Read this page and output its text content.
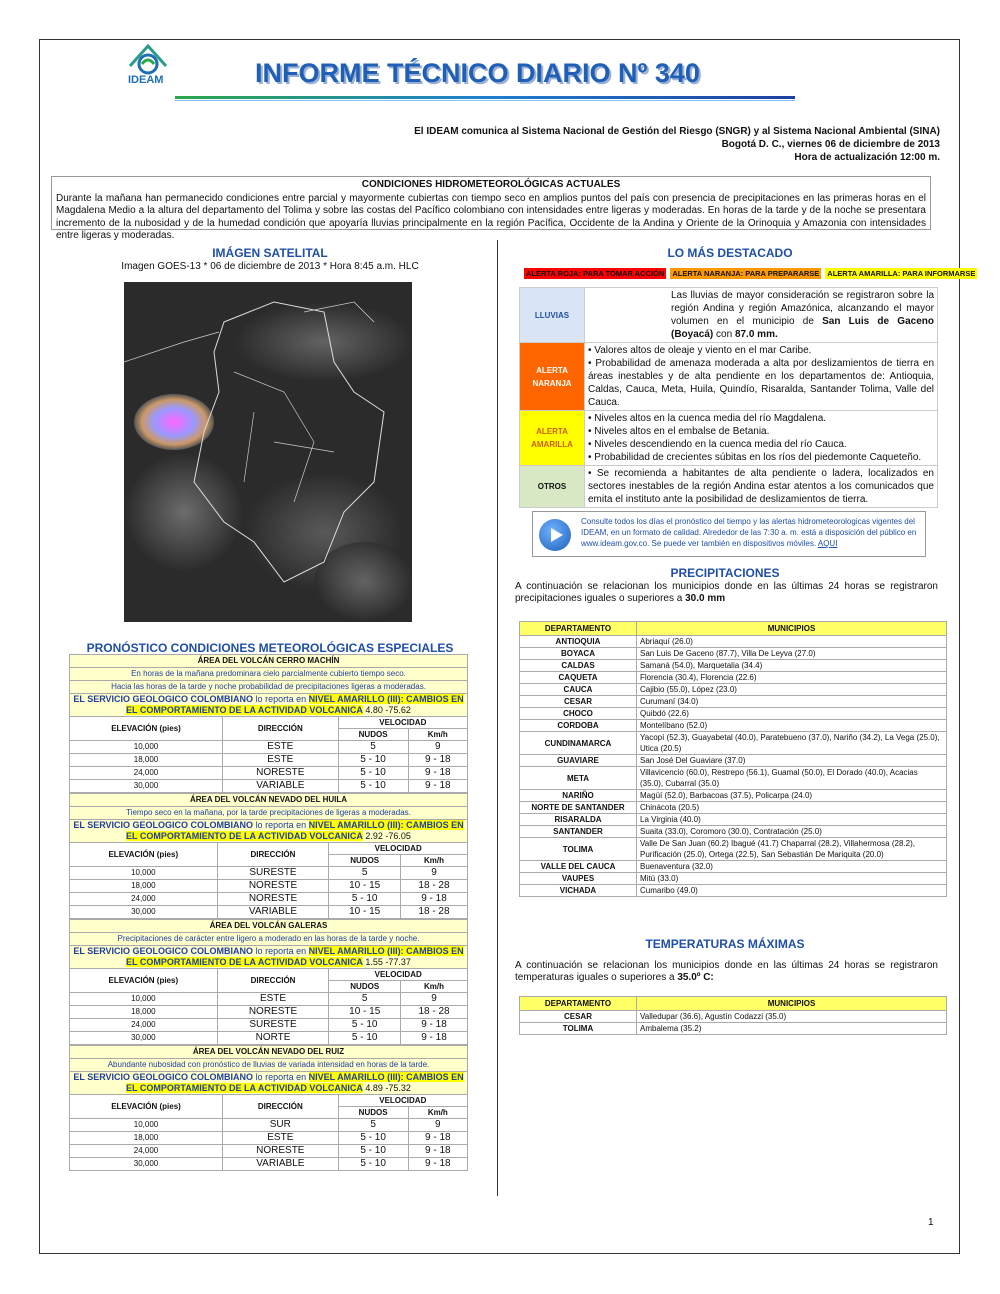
IDEAM	INFORME TÉCNICO DIARIO Nº 340
El IDEAM comunica al Sistema Nacional de Gestión del Riesgo (SNGR) y al Sistema Nacional Ambiental (SINA)
Bogotá D. C., viernes 06 de diciembre de 2013
Hora de actualización 12:00 m.
CONDICIONES HIDROMETEOROLÓGICAS ACTUALES
Durante la mañana han permanecido condiciones entre parcial y mayormente cubiertas con tiempo seco en amplios puntos del país con presencia de precipitaciones en las primeras horas en el Magdalena Medio a la altura del departamento del Tolima y sobre las costas del Pacífico colombiano con intensidades entre ligeras y moderadas. En horas de la tarde y de la noche se presentara incremento de la nubosidad y de la humedad condición que apoyaría lluvias principalmente en la región Pacífica, Occidente de la Andina y Oriente de la Orinoquia y Amazonia con intensidades entre ligeras y moderadas.
IMÁGEN SATELITAL
Imagen GOES-13 * 06 de diciembre de 2013 * Hora 8:45 a.m. HLC
LO MÁS DESTACADO
ALERTA ROJA: PARA TOMAR ACCIÓN ALERTA NARANJA: PARA PREPARARSE ALERTA AMARILLA: PARA INFORMARSE
LLUVIAS	Las lluvias de mayor consideración se registraron sobre la región Andina y región Amazónica, alcanzando el mayor volumen en el municipio de San Luis de Gaceno (Boyacá) con 87.0 mm.
ALERTA NARANJA	• Valores altos de oleaje y viento en el mar Caribe.
• Probabilidad de amenaza moderada a alta por deslizamientos de tierra en áreas inestables y de alta pendiente en los departamentos de: Antioquia, Caldas, Cauca, Meta, Huila, Quindío, Risaralda, Santander Tolima, Valle del Cauca.

ALERTA AMARILLA	• Niveles altos en la cuenca media del río Magdalena.
• Niveles altos en el embalse de Betania.
• Niveles descendiendo en la cuenca media del río Cauca.
• Probabilidad de crecientes súbitas en los ríos del piedemonte Caqueteño.

OTROS	• Se recomienda a habitantes de alta pendiente o ladera, localizados en sectores inestables de la región Andina estar atentos a los comunicados que emita el instituto ante la posibilidad de deslizamientos de tierra.
Consulte todos los días el pronóstico del tiempo y las alertas hidrometeorologicas vigentes del IDEAM, en un formato de calidad. Alrededor de las 7:30 a. m. está a disposición del público en www.ideam.gov.co. Se puede ver también en dispositivos móviles. AQUI
PRECIPITACIONES
A continuación se relacionan los municipios donde en las últimas 24 horas se registraron precipitaciones iguales o superiores a 30.0 mm
DEPARTAMENTO	MUNICIPIOS
ANTIOQUIA	Abriaquí (26.0)
BOYACA	San Luis De Gaceno (87.7), Villa De Leyva (27.0)
CALDAS	Samaná (54.0), Marquetalia (34.4)
CAQUETA	Florencia (30.4), Florencia (22.6)
CAUCA	Cajibio (55.0), López (23.0)
CESAR	Curumaní (34.0)
CHOCO	Quibdó (22.6)
CORDOBA	Montelíbano (52.0)
CUNDINAMARCA	Yacopí (52.3), Guayabetal (40.0), Paratebueno (37.0), Nariño (34.2), La Vega (25.0), Utica (20.5)
GUAVIARE	San José Del Guaviare (37.0)
META	Villavicencio (60.0), Restrepo (56.1), Guamal (50.0), El Dorado (40.0), Acacias (35.0), Cubarral (35.0)
NARIÑO	Magüí (52.0), Barbacoas (37.5), Policarpa (24.0)
NORTE DE SANTANDER	Chinácota (20.5)
RISARALDA	La Virginia (40.0)
SANTANDER	Suaita (33.0), Coromoro (30.0), Contratación (25.0)
TOLIMA	Valle De San Juan (60.2) Ibagué (41.7) Chaparral (28.2), Villahermosa (28.2), Purificación (25.0), Ortega (22.5), San Sebastián De Mariquita (20.0)
VALLE DEL CAUCA	Buenaventura (32.0)
VAUPES	Mitú (33.0)
VICHADA	Cumaribo (49.0)
TEMPERATURAS MÁXIMAS
A continuación se relacionan los municipios donde en las últimas 24 horas se registraron temperaturas iguales o superiores a 35.0º C:
DEPARTAMENTO	MUNICIPIOS
CESAR	Valledupar (36.6), Agustín Codazzi (35.0)
TOLIMA	Ambalema (35.2)
PRONÓSTICO CONDICIONES METEOROLÓGICAS ESPECIALES
ÁREA DEL VOLCÁN CERRO MACHÍN			
En horas de la mañana predominara cielo parcialmente cubierto tiempo seco.			
Hacia las horas de la tarde y noche probabilidad de precipitaciones ligeras a moderadas.			
EL SERVICIO GEOLOGICO COLOMBIANO lo reporta en NIVEL AMARILLO (III): CAMBIOS EN EL COMPORTAMIENTO DE LA ACTIVIDAD VOLCANICA 4.80 -75.62			
ELEVACIÓN (pies)	DIRECCIÓN	VELOCIDAD	
		NUDOS	Km/h
10,000	ESTE	5	9
18,000	ESTE	5 - 10	9 - 18
24,000	NORESTE	5 - 10	9 - 18
30,000	VARIABLE	5 - 10	9 - 18
ÁREA DEL VOLCÁN NEVADO DEL HUILA			
Tiempo seco en la mañana, por la tarde precipitaciones de ligeras a moderadas.			
EL SERVICIO GEOLOGICO COLOMBIANO lo reporta en NIVEL AMARILLO (III): CAMBIOS EN EL COMPORTAMIENTO DE LA ACTIVIDAD VOLCANICA 2.92 -76.05			
ELEVACIÓN (pies)	DIRECCIÓN	VELOCIDAD	
		NUDOS	Km/h
10,000	SURESTE	5	9
18,000	NORESTE	10 - 15	18 - 28
24,000	NORESTE	5 - 10	9 - 18
30,000	VARIABLE	10 - 15	18 - 28
ÁREA DEL VOLCÁN GALERAS			
Precipitaciones de carácter entre ligero a moderado en las horas de la tarde y noche.			
EL SERVICIO GEOLOGICO COLOMBIANO lo reporta en NIVEL AMARILLO (III): CAMBIOS EN EL COMPORTAMIENTO DE LA ACTIVIDAD VOLCANICA 1.55 -77.37			
ELEVACIÓN (pies)	DIRECCIÓN	VELOCIDAD	
		NUDOS	Km/h
10,000	ESTE	5	9
18,000	NORESTE	10 - 15	18 - 28
24,000	SURESTE	5 - 10	9 - 18
30,000	NORTE	5 - 10	9 - 18
ÁREA DEL VOLCÁN NEVADO DEL RUIZ			
Abundante nubosidad con pronóstico de lluvias de variada intensidad en horas de la tarde.			
EL SERVICIO GEOLOGICO COLOMBIANO lo reporta en NIVEL AMARILLO (III): CAMBIOS EN EL COMPORTAMIENTO DE LA ACTIVIDAD VOLCANICA 4.89 -75.32			
ELEVACIÓN (pies)	DIRECCIÓN	VELOCIDAD	
		NUDOS	Km/h
10,000	SUR	5	9
18,000	ESTE	5 - 10	9 - 18
24,000	NORESTE	5 - 10	9 - 18
30,000	VARIABLE	5 - 10	9 - 18
1
